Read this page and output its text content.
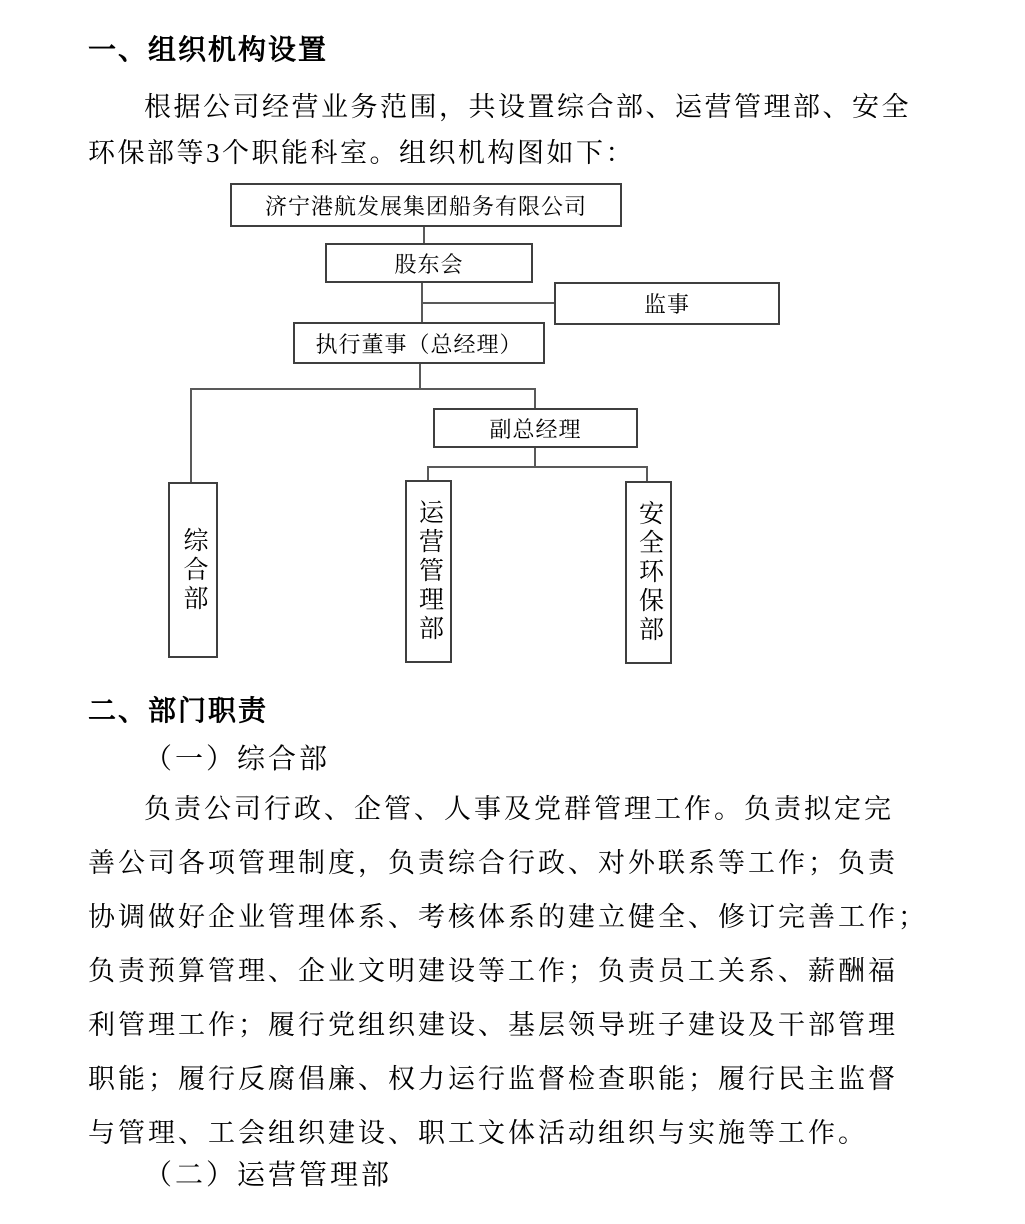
一、组织机构设置
根据公司经营业务范围，共设置综合部、运营管理部、安全
环保部等3个职能科室。组织机构图如下：
济宁港航发展集团船务有限公司
股东会
监事
执行董事（总经理）
副总经理
综合部	运营管理部	安全环保部
二、部门职责
（一）综合部
负责公司行政、企管、人事及党群管理工作。负责拟定完
善公司各项管理制度，负责综合行政、对外联系等工作；负责
协调做好企业管理体系、考核体系的建立健全、修订完善工作；
负责预算管理、企业文明建设等工作；负责员工关系、薪酬福
利管理工作；履行党组织建设、基层领导班子建设及干部管理
职能；履行反腐倡廉、权力运行监督检查职能；履行民主监督
与管理、工会组织建设、职工文体活动组织与实施等工作。
（二）运营管理部
